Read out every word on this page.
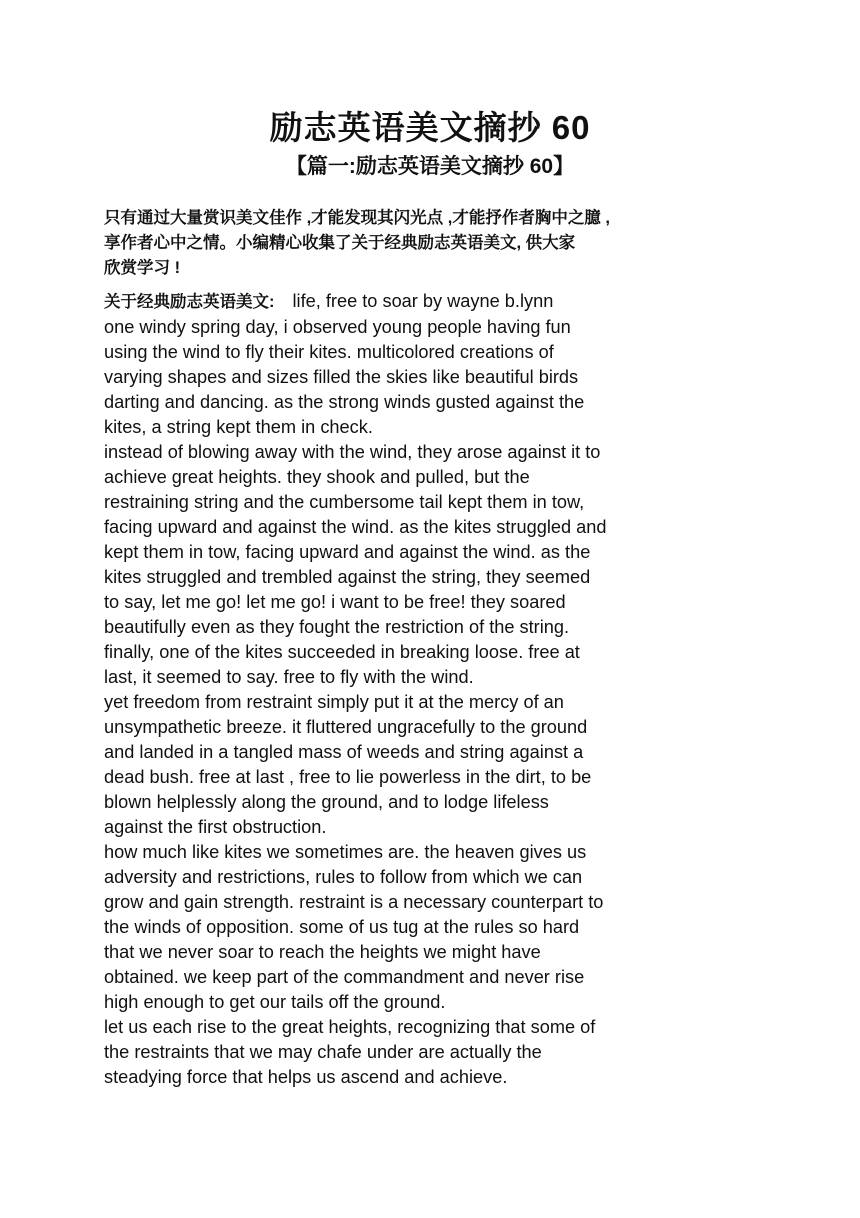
励志英语美文摘抄 60
【篇一:励志英语美文摘抄 60】
只有通过大量赏识美文佳作 ,才能发现其闪光点 ,才能抒作者胸中之臆 ,
享作者心中之情。小编精心收集了关于经典励志英语美文, 供大家
欣赏学习 !
关于经典励志英语美文: life, free to soar by wayne b.lynn
one windy spring day, i observed young people having fun
using the wind to fly their kites. multicolored creations of
varying shapes and sizes filled the skies like beautiful birds
darting and dancing. as the strong winds gusted against the
kites, a string kept them in check.
instead of blowing away with the wind, they arose against it to
achieve great heights. they shook and pulled, but the
restraining string and the cumbersome tail kept them in tow,
facing upward and against the wind. as the kites struggled and
kept them in tow, facing upward and against the wind. as the
kites struggled and trembled against the string, they seemed
to say, let me go! let me go! i want to be free! they soared
beautifully even as they fought the restriction of the string.
finally, one of the kites succeeded in breaking loose. free at
last, it seemed to say. free to fly with the wind.
yet freedom from restraint simply put it at the mercy of an
unsympathetic breeze. it fluttered ungracefully to the ground
and landed in a tangled mass of weeds and string against a
dead bush. free at last , free to lie powerless in the dirt, to be
blown helplessly along the ground, and to lodge lifeless
against the first obstruction.
how much like kites we sometimes are. the heaven gives us
adversity and restrictions, rules to follow from which we can
grow and gain strength. restraint is a necessary counterpart to
the winds of opposition. some of us tug at the rules so hard
that we never soar to reach the heights we might have
obtained. we keep part of the commandment and never rise
high enough to get our tails off the ground.
let us each rise to the great heights, recognizing that some of
the restraints that we may chafe under are actually the
steadying force that helps us ascend and achieve.
